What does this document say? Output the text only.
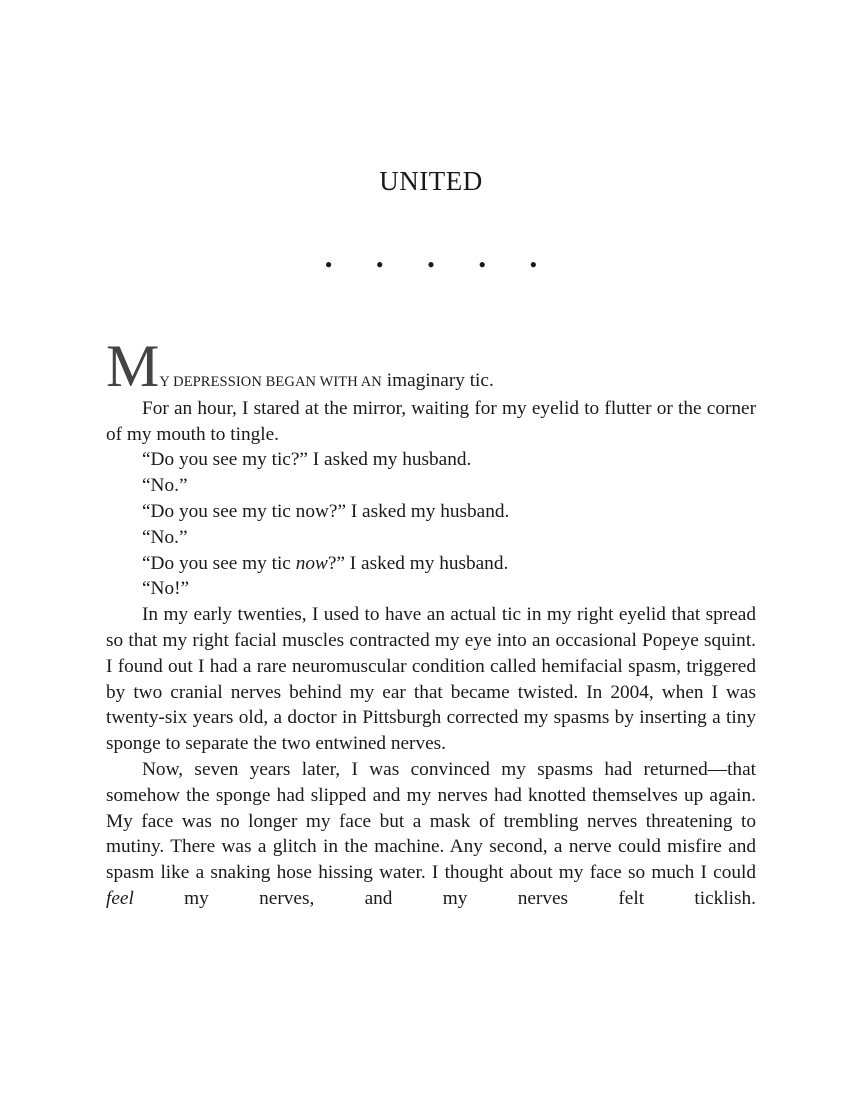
UNITED
• • • • •

MY DEPRESSION BEGAN WITH AN imaginary tic.

For an hour, I stared at the mirror, waiting for my eyelid to flutter or the corner of my mouth to tingle.

“Do you see my tic?” I asked my husband.

“No.”

“Do you see my tic now?” I asked my husband.

“No.”

“Do you see my tic now?” I asked my husband.

“No!”

In my early twenties, I used to have an actual tic in my right eyelid that spread so that my right facial muscles contracted my eye into an occasional Popeye squint. I found out I had a rare neuromuscular condition called hemifacial spasm, triggered by two cranial nerves behind my ear that became twisted. In 2004, when I was twenty-six years old, a doctor in Pittsburgh corrected my spasms by inserting a tiny sponge to separate the two entwined nerves.

Now, seven years later, I was convinced my spasms had returned—that somehow the sponge had slipped and my nerves had knotted themselves up again. My face was no longer my face but a mask of trembling nerves threatening to mutiny. There was a glitch in the machine. Any second, a nerve could misfire and spasm like a snaking hose hissing water. I thought about my face so much I could feel my nerves, and my nerves felt ticklish.
